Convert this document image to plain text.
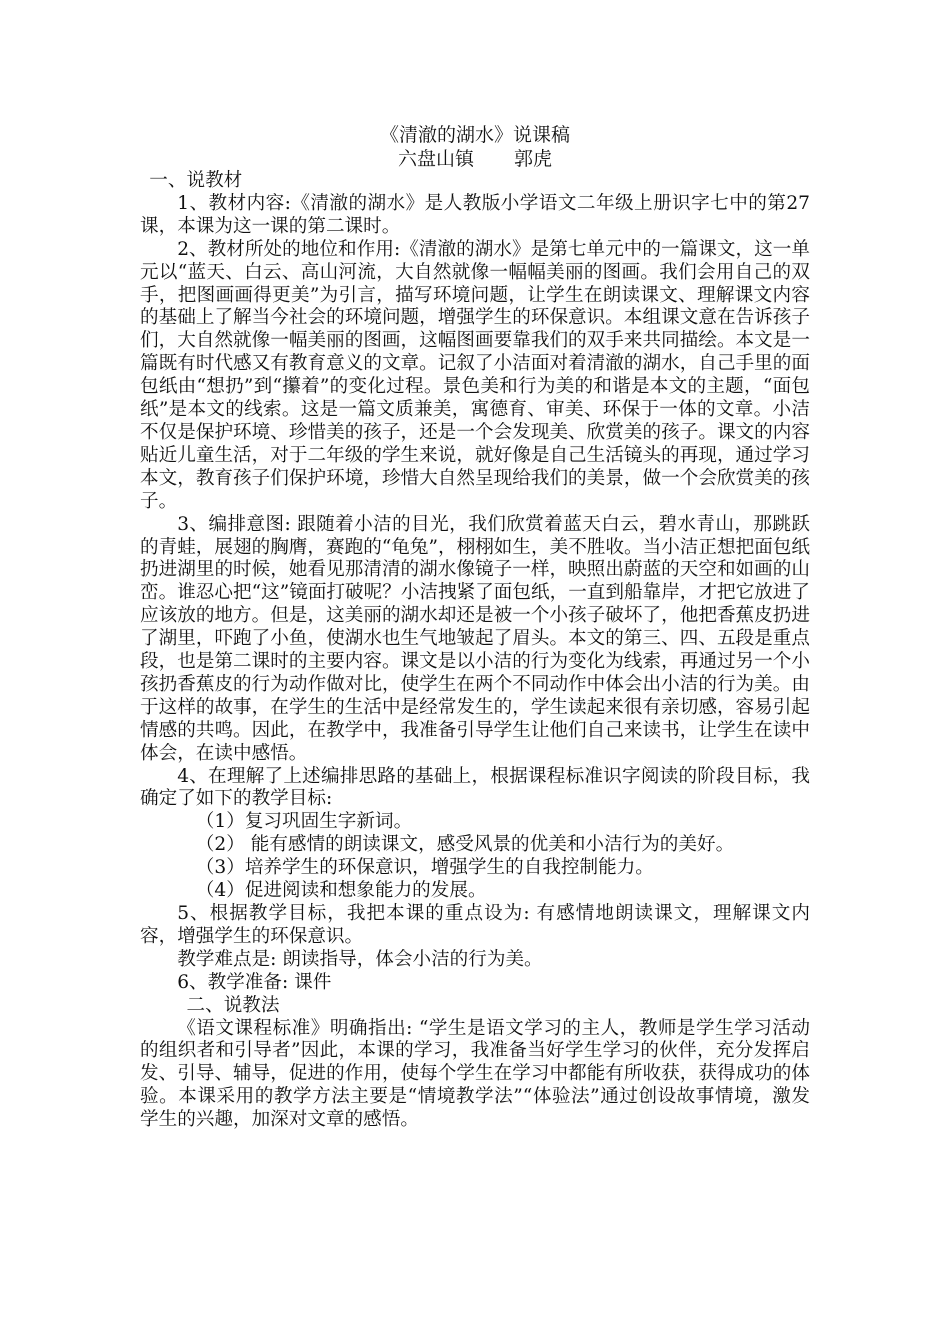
《清澈的湖水》说课稿
六盘山镇 郭虎

一、说教材

1、教材内容:《清澈的湖水》是人教版小学语文二年级上册识字七中的第27课，本课为这一课的第二课时。

2、教材所处的地位和作用:《清澈的湖水》是第七单元中的一篇课文，这一单元以“蓝天、白云、高山河流，大自然就像一幅幅美丽的图画。我们会用自己的双手，把图画画得更美”为引言，描写环境问题，让学生在朗读课文、理解课文内容的基础上了解当今社会的环境问题，增强学生的环保意识。本组课文意在告诉孩子们，大自然就像一幅美丽的图画，这幅图画要靠我们的双手来共同描绘。本文是一篇既有时代感又有教育意义的文章。记叙了小洁面对着清澈的湖水，自己手里的面包纸由“想扔”到“攥着”的变化过程。景色美和行为美的和谐是本文的主题，“面包纸”是本文的线索。这是一篇文质兼美，寓德育、审美、环保于一体的文章。小洁不仅是保护环境、珍惜美的孩子，还是一个会发现美、欣赏美的孩子。课文的内容贴近儿童生活，对于二年级的学生来说，就好像是自己生活镜头的再现，通过学习本文，教育孩子们保护环境，珍惜大自然呈现给我们的美景，做一个会欣赏美的孩子。

3、编排意图: 跟随着小洁的目光，我们欣赏着蓝天白云，碧水青山，那跳跃的青蛙，展翅的胸膺，赛跑的“龟兔”，栩栩如生，美不胜收。当小洁正想把面包纸扔进湖里的时候，她看见那清清的湖水像镜子一样，映照出蔚蓝的天空和如画的山峦。谁忍心把“这”镜面打破呢？小洁拽紧了面包纸，一直到船靠岸，才把它放进了应该放的地方。但是，这美丽的湖水却还是被一个小孩子破坏了，他把香蕉皮扔进了湖里，吓跑了小鱼，使湖水也生气地皱起了眉头。本文的第三、四、五段是重点段，也是第二课时的主要内容。课文是以小洁的行为变化为线索，再通过另一个小孩扔香蕉皮的行为动作做对比，使学生在两个不同动作中体会出小洁的行为美。由于这样的故事，在学生的生活中是经常发生的，学生读起来很有亲切感，容易引起情感的共鸣。因此，在教学中，我准备引导学生让他们自己来读书，让学生在读中体会，在读中感悟。

4、在理解了上述编排思路的基础上，根据课程标准识字阅读的阶段目标，我确定了如下的教学目标:

（1）复习巩固生字新词。

（2） 能有感情的朗读课文，感受风景的优美和小洁行为的美好。

（3）培养学生的环保意识，增强学生的自我控制能力。

（4）促进阅读和想象能力的发展。

5、根据教学目标，我把本课的重点设为: 有感情地朗读课文，理解课文内容，增强学生的环保意识。

教学难点是: 朗读指导，体会小洁的行为美。

6、教学准备: 课件

二、说教法

《语文课程标准》明确指出: “学生是语文学习的主人，教师是学生学习活动的组织者和引导者”因此，本课的学习，我准备当好学生学习的伙伴，充分发挥启发、引导、辅导，促进的作用，使每个学生在学习中都能有所收获，获得成功的体验。本课采用的教学方法主要是“情境教学法”“体验法”通过创设故事情境，激发学生的兴趣，加深对文章的感悟。
